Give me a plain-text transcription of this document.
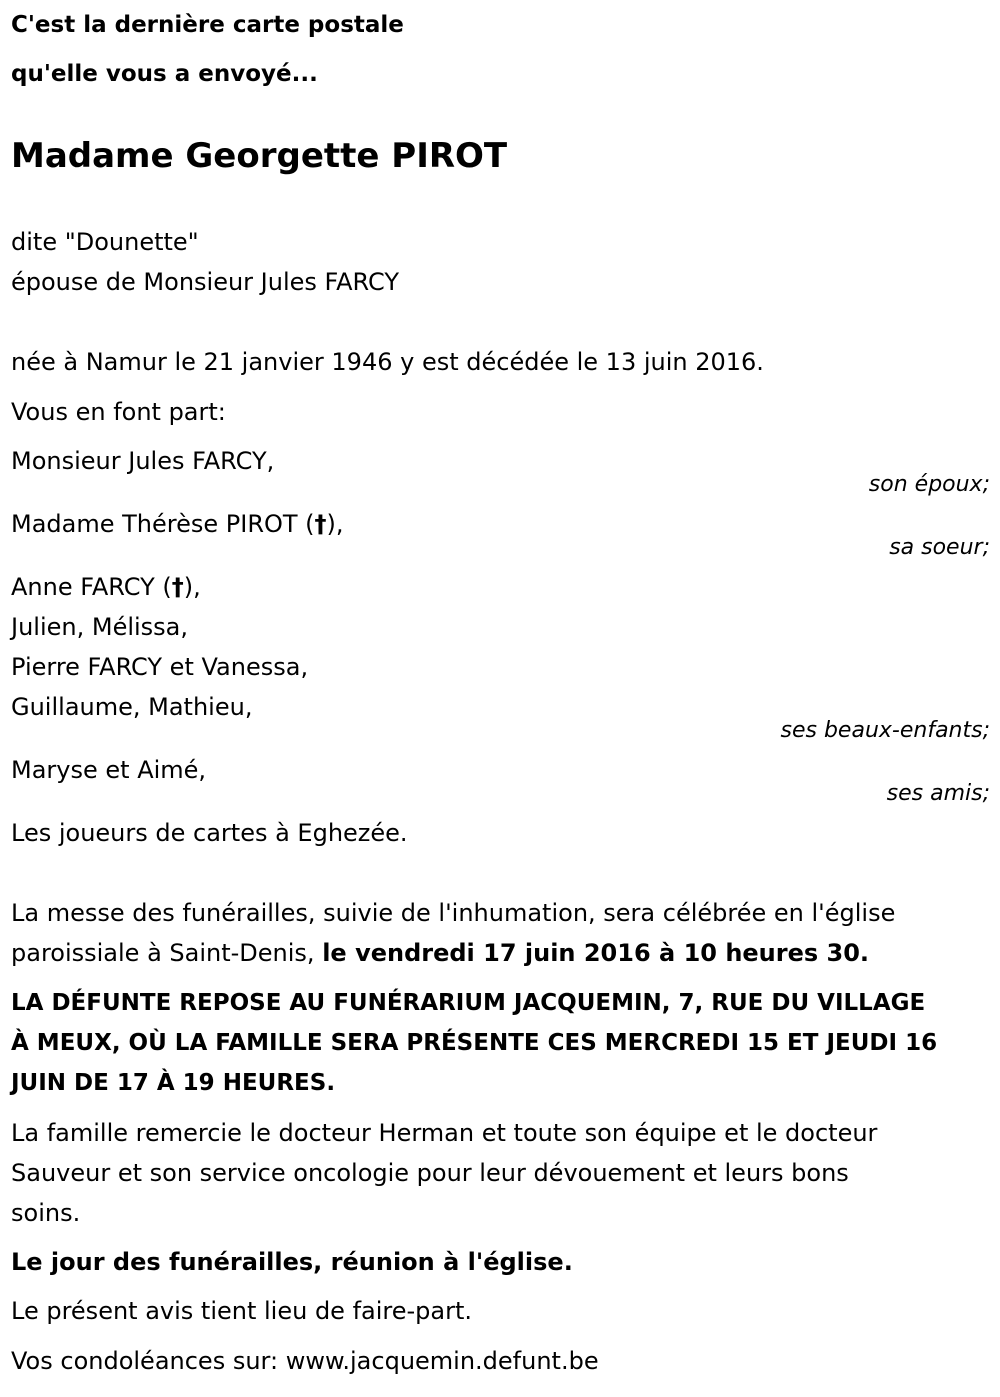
C'est la dernière carte postale
qu'elle vous a envoyé...
Madame Georgette PIROT
dite "Dounette"
épouse de Monsieur Jules FARCY
née à Namur le 21 janvier 1946 y est décédée le 13 juin 2016.
Vous en font part:
Monsieur Jules FARCY,
son époux;
Madame Thérèse PIROT (†),
sa soeur;
Anne FARCY (†),
Julien, Mélissa,
Pierre FARCY et Vanessa,
Guillaume, Mathieu,
ses beaux-enfants;
Maryse et Aimé,
ses amis;
Les joueurs de cartes à Eghezée.
La messe des funérailles, suivie de l'inhumation, sera célébrée en l'église
paroissiale à Saint-Denis, le vendredi 17 juin 2016 à 10 heures 30.
LA DÉFUNTE REPOSE AU FUNÉRARIUM JACQUEMIN, 7, RUE DU VILLAGE
À MEUX, OÙ LA FAMILLE SERA PRÉSENTE CES MERCREDI 15 ET JEUDI 16
JUIN DE 17 À 19 HEURES.
La famille remercie le docteur Herman et toute son équipe et le docteur
Sauveur et son service oncologie pour leur dévouement et leurs bons
soins.
Le jour des funérailles, réunion à l'église.
Le présent avis tient lieu de faire-part.
Vos condoléances sur: www.jacquemin.defunt.be
